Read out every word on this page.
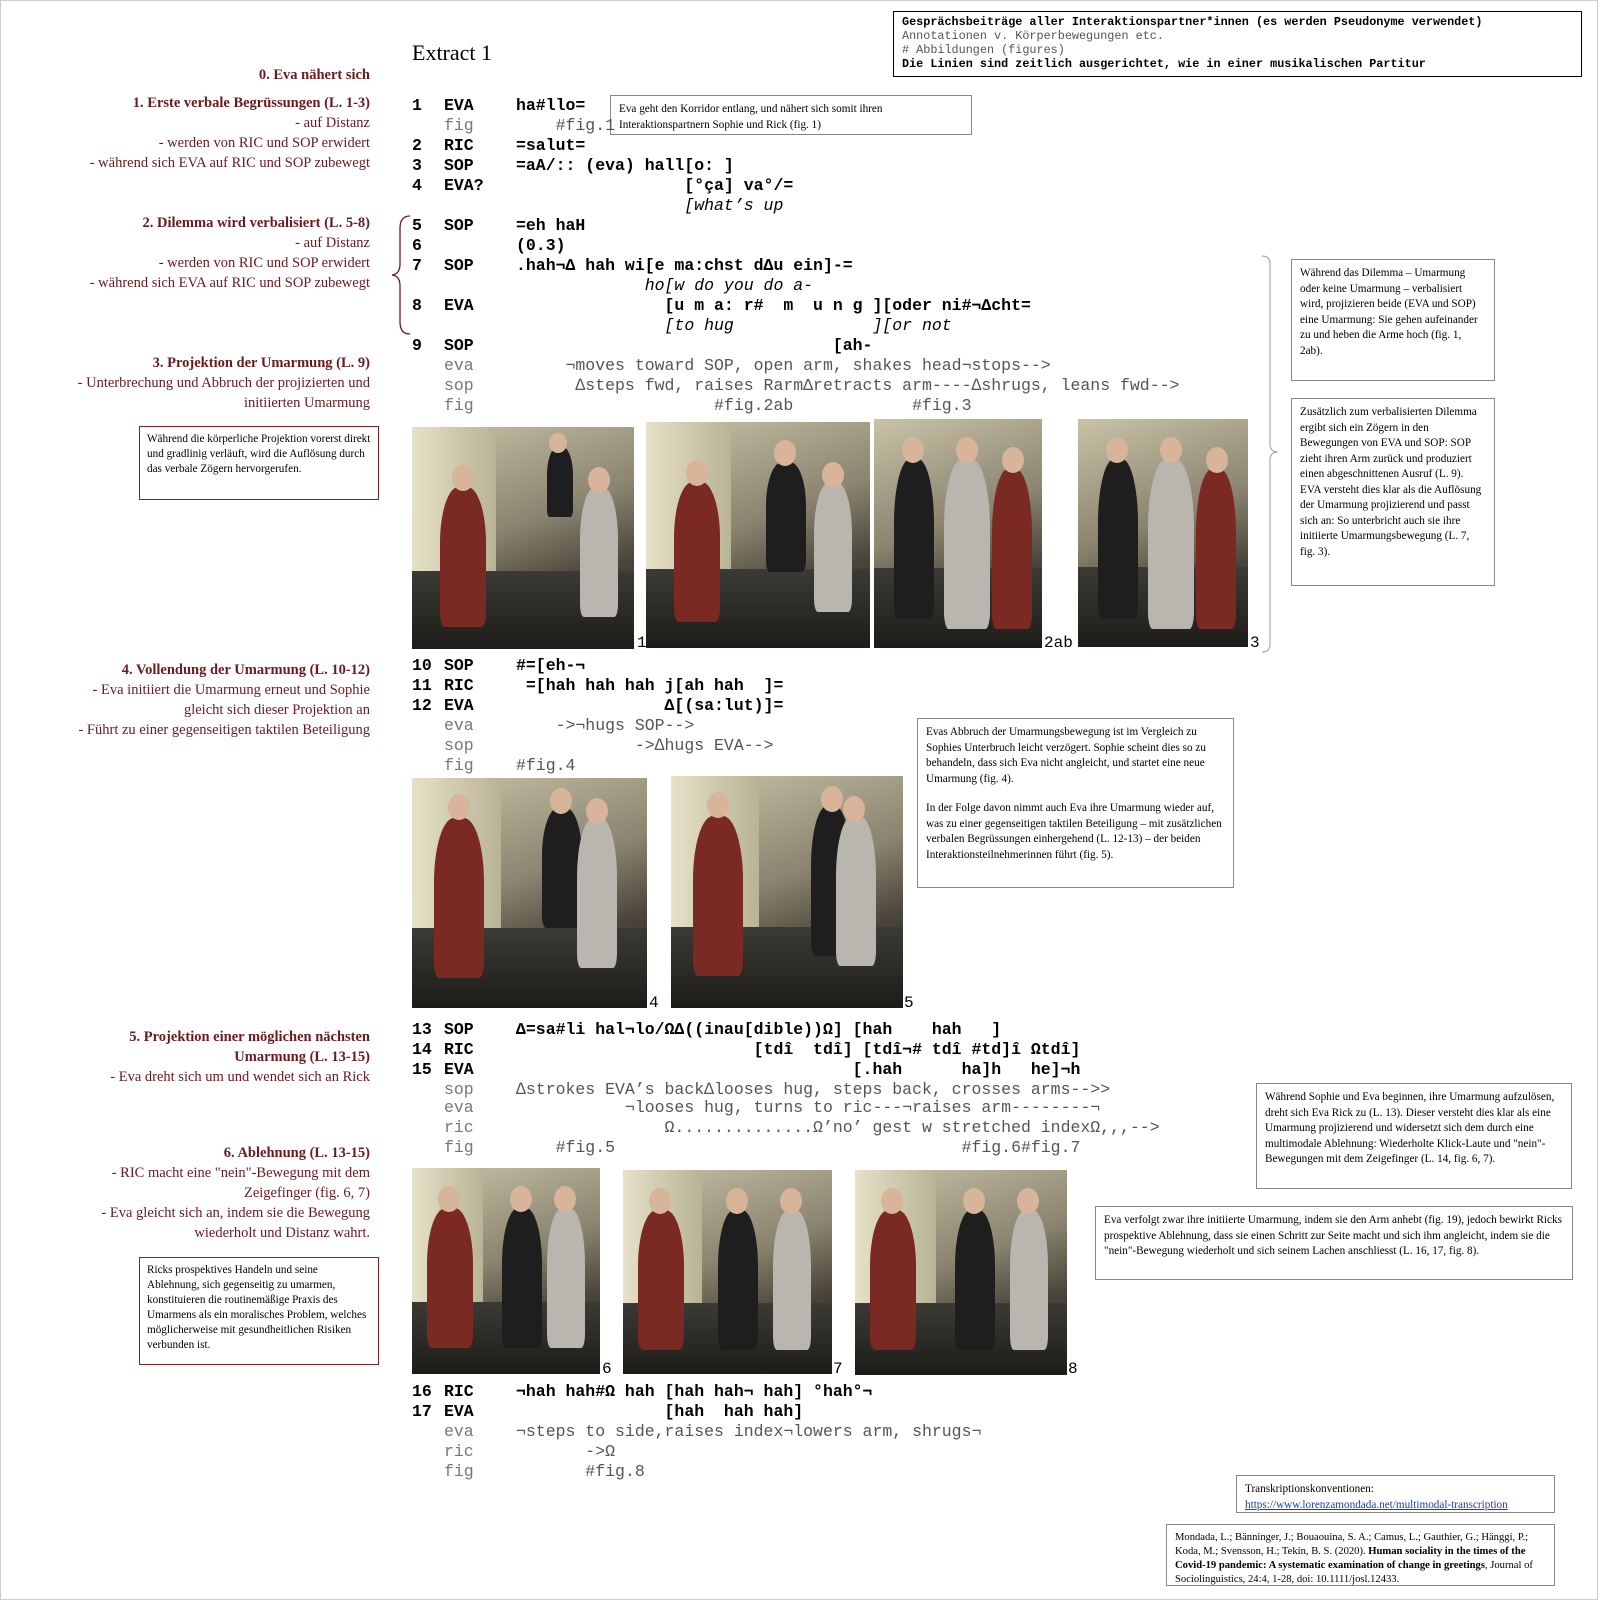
Extract 1
Gesprächsbeiträge aller Interaktionspartner*innen (es werden Pseudonyme verwendet)
Annotationen v. Körperbewegungen etc.
# Abbildungen (figures)
Die Linien sind zeitlich ausgerichtet, wie in einer musikalischen Partitur
0. Eva nähert sich
1. Erste verbale Begrüssungen (L. 1-3)
- auf Distanz
- werden von RIC und SOP erwidert
- während sich EVA auf RIC und SOP zubewegt
2. Dilemma wird verbalisiert (L. 5-8)
- auf Distanz
- werden von RIC und SOP erwidert
- während sich EVA auf RIC und SOP zubewegt
3. Projektion der Umarmung (L. 9)
- Unterbrechung und Abbruch der projizierten und
initiierten Umarmung
Während die körperliche Projektion vorerst direkt und gradlinig verläuft, wird die Auflösung durch das verbale Zögern hervorgerufen.
4. Vollendung der Umarmung (L. 10-12)
- Eva initiiert die Umarmung erneut und Sophie
gleicht sich dieser Projektion an
- Führt zu einer gegenseitigen taktilen Beteiligung
5. Projektion einer möglichen nächsten
Umarmung (L. 13-15)
- Eva dreht sich um und wendet sich an Rick
6. Ablehnung (L. 13-15)
- RIC macht eine "nein"-Bewegung mit dem
Zeigefinger (fig. 6, 7)
- Eva gleicht sich an, indem sie die Bewegung
wiederholt und Distanz wahrt.
Ricks prospektives Handeln und seine Ablehnung, sich gegenseitig zu umarmen, konstituieren die routinemäßige Praxis des Umarmens als ein moralisches Problem, welches möglicherweise mit gesundheitlichen Risiken verbunden ist.
Eva geht den Korridor entlang, und nähert sich somit ihren Interaktionspartnern Sophie und Rick (fig. 1)
Während das Dilemma – Umarmung oder keine Umarmung – verbalisiert wird, projizieren beide (EVA und SOP) eine Umarmung: Sie gehen aufeinander zu und heben die Arme hoch (fig. 1, 2ab).
Zusätzlich zum verbalisierten Dilemma ergibt sich ein Zögern in den Bewegungen von EVA und SOP: SOP zieht ihren Arm zurück und produziert einen abgeschnittenen Ausruf (L. 9). EVA versteht dies klar als die Auflösung der Umarmung projizierend und passt sich an: So unterbricht auch sie ihre initiierte Umarmungsbewegung (L. 7, fig. 3).
Evas Abbruch der Umarmungsbewegung ist im Vergleich zu Sophies Unterbruch leicht verzögert. Sophie scheint dies so zu behandeln, dass sich Eva nicht angleicht, und startet eine neue Umarmung (fig. 4).
In der Folge davon nimmt auch Eva ihre Umarmung wieder auf, was zu einer gegenseitigen taktilen Beteiligung – mit zusätzlichen verbalen Begrüssungen einhergehend (L. 12-13) – der beiden Interaktionsteilnehmerinnen führt (fig. 5).
Während Sophie und Eva beginnen, ihre Umarmung aufzulösen, dreht sich Eva Rick zu (L. 13). Dieser versteht dies klar als eine Umarmung projizierend und widersetzt sich dem durch eine multimodale Ablehnung: Wiederholte Klick-Laute und "nein"-Bewegungen mit dem Zeigefinger (L. 14, fig. 6, 7).
Eva verfolgt zwar ihre initiierte Umarmung, indem sie den Arm anhebt (fig. 19), jedoch bewirkt Ricks prospektive Ablehnung, dass sie einen Schritt zur Seite macht und sich ihm angleicht, indem sie die "nein"-Bewegung wiederholt und sich seinem Lachen anschliesst (L. 16, 17, fig. 8).
1 EVA	ha#llo=
fig	#fig.1
2 RIC	=salut=
3 SOP	=aA/:: (eva) hall[o: ]
4 EVA? [°ça] va°/=
[what’s up
5 SOP	=eh haH
6	(0.3)
7 SOP	.hah¬∆ hah wi[e ma:chst d∆u ein]-=
ho[w do you do a-
8 EVA	[u m a: r#  m  u n g ][oder ni#¬∆cht=
[to hug              ][or not
9 SOP	[ah-
eva	¬moves toward SOP, open arm, shakes head¬stops-->
sop	∆steps fwd, raises RarmΔretracts arm----∆shrugs, leans fwd-->
fig	#fig.2ab            #fig.3
10 SOP	#=[eh-¬
11 RIC	=[hah hah hah j[ah hah  ]=
12 EVA	∆[(sa:lut)]=
eva	->¬hugs SOP-->
sop	->∆hugs EVA-->
fig	#fig.4
13 SOP	∆=sa#li hal¬lo/Ω∆((inau[dible))Ω] [hah    hah   ]
14 RIC	[tdî  tdî] [tdî¬# tdî #td]î Ωtdî]
15 EVA	[.hah      ha]h   he]¬h
sop	∆strokes EVA’s back∆looses hug, steps back, crosses arms-->>
eva	¬looses hug, turns to ric---¬raises arm--------¬
ric	Ω..............Ω’no’ gest w stretched indexΩ,,,-->
fig	#fig.5                                   #fig.6#fig.7
16 RIC	¬hah hah#Ω hah [hah hah¬ hah] °hah°¬
17 EVA	[hah  hah hah]
eva	¬steps to side,raises index¬lowers arm, shrugs¬
ric	->Ω
fig	#fig.8
1	2ab	3
4	5
6	7	8
Transkriptionskonventionen:
https://www.lorenzamondada.net/multimodal-transcription
Mondada, L.; Bänninger, J.; Bouaouina, S. A.; Camus, L.; Gauthier, G.; Hänggi, P.; Koda, M.; Svensson, H.; Tekin, B. S. (2020). Human sociality in the times of the Covid-19 pandemic: A systematic examination of change in greetings, Journal of Sociolinguistics, 24:4, 1-28, doi: 10.1111/josl.12433.
